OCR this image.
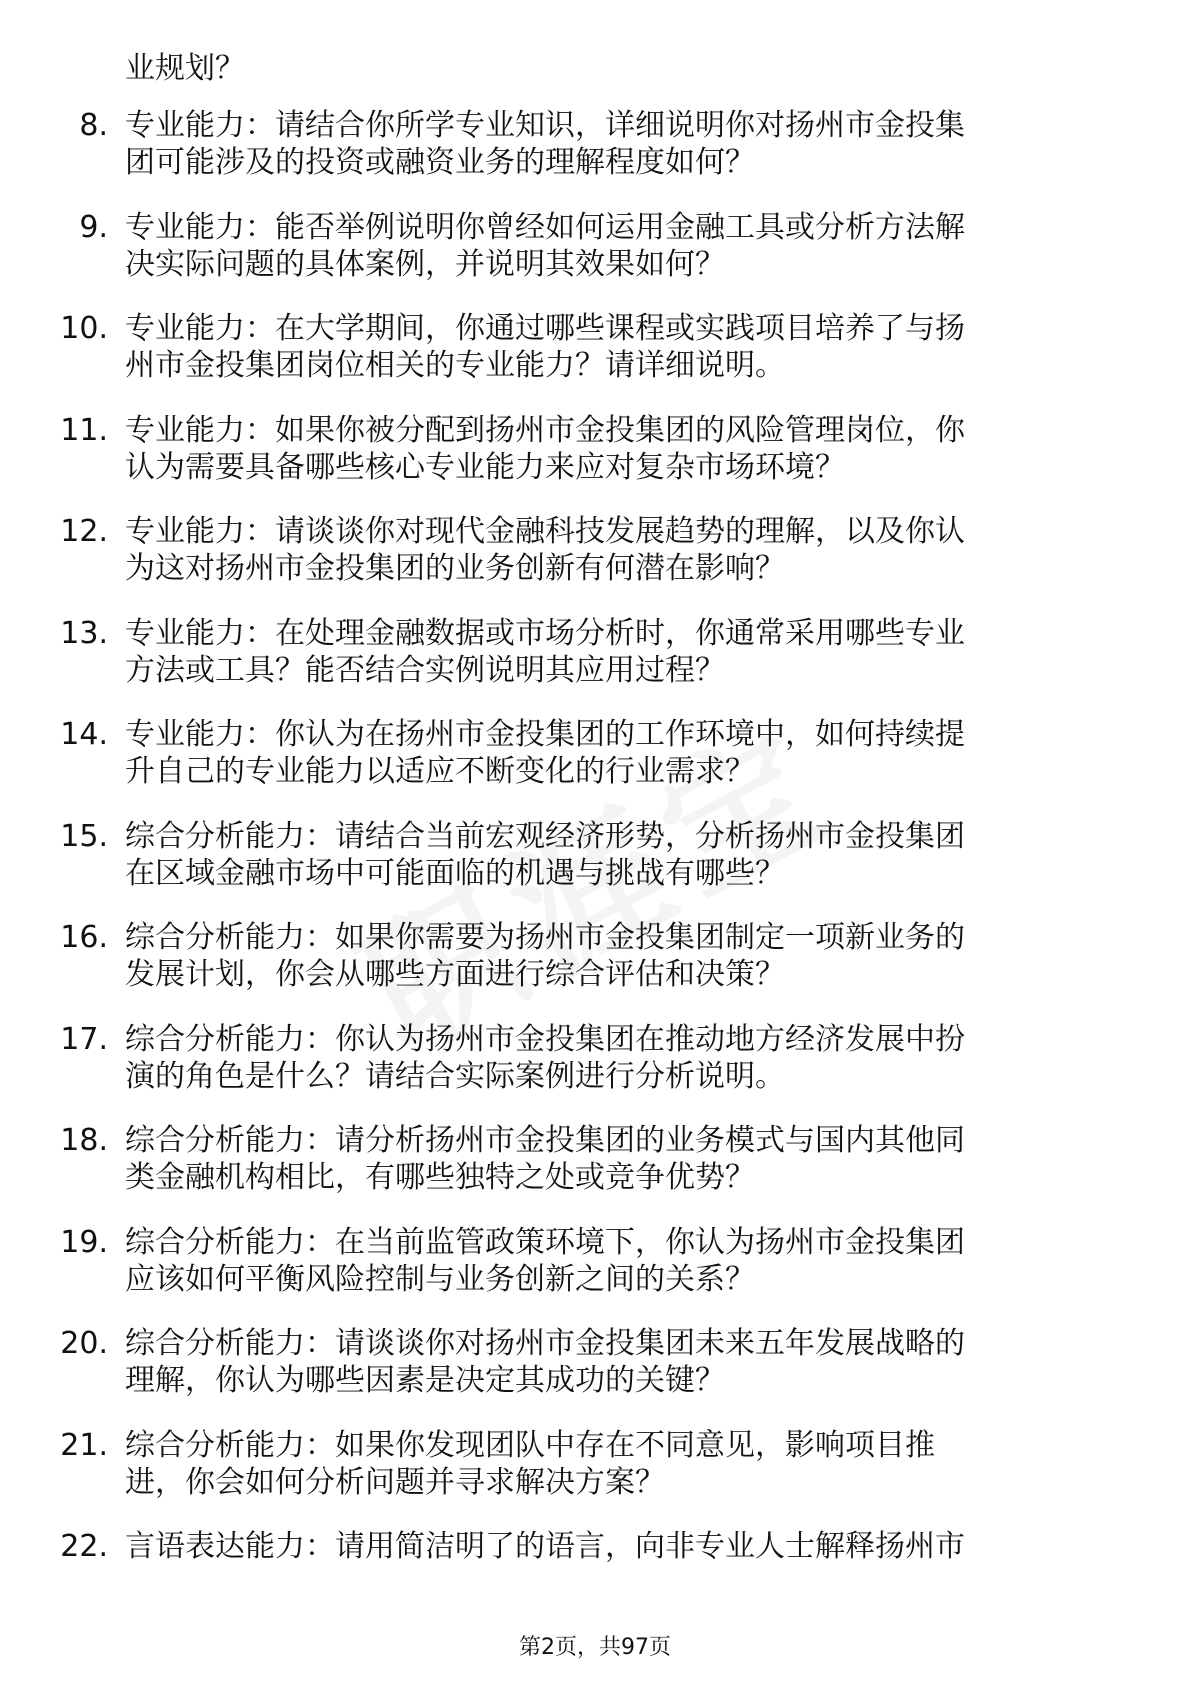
业规划？
8. 专业能力：请结合你所学专业知识，详细说明你对扬州市金投集
团可能涉及的投资或融资业务的理解程度如何？
9. 专业能力：能否举例说明你曾经如何运用金融工具或分析方法解
决实际问题的具体案例，并说明其效果如何？
10. 专业能力：在大学期间，你通过哪些课程或实践项目培养了与扬
州市金投集团岗位相关的专业能力？请详细说明。
11. 专业能力：如果你被分配到扬州市金投集团的风险管理岗位，你
认为需要具备哪些核心专业能力来应对复杂市场环境？
12. 专业能力：请谈谈你对现代金融科技发展趋势的理解，以及你认
为这对扬州市金投集团的业务创新有何潜在影响？
13. 专业能力：在处理金融数据或市场分析时，你通常采用哪些专业
方法或工具？能否结合实例说明其应用过程？
14. 专业能力：你认为在扬州市金投集团的工作环境中，如何持续提
升自己的专业能力以适应不断变化的行业需求？
15. 综合分析能力：请结合当前宏观经济形势，分析扬州市金投集团
在区域金融市场中可能面临的机遇与挑战有哪些？
16. 综合分析能力：如果你需要为扬州市金投集团制定一项新业务的
发展计划，你会从哪些方面进行综合评估和决策？
17. 综合分析能力：你认为扬州市金投集团在推动地方经济发展中扮
演的角色是什么？请结合实际案例进行分析说明。
18. 综合分析能力：请分析扬州市金投集团的业务模式与国内其他同
类金融机构相比，有哪些独特之处或竞争优势？
19. 综合分析能力：在当前监管政策环境下，你认为扬州市金投集团
应该如何平衡风险控制与业务创新之间的关系？
20. 综合分析能力：请谈谈你对扬州市金投集团未来五年发展战略的
理解，你认为哪些因素是决定其成功的关键？
21. 综合分析能力：如果你发现团队中存在不同意见，影响项目推
进，你会如何分析问题并寻求解决方案？
22. 言语表达能力：请用简洁明了的语言，向非专业人士解释扬州市
第2页，共97页
